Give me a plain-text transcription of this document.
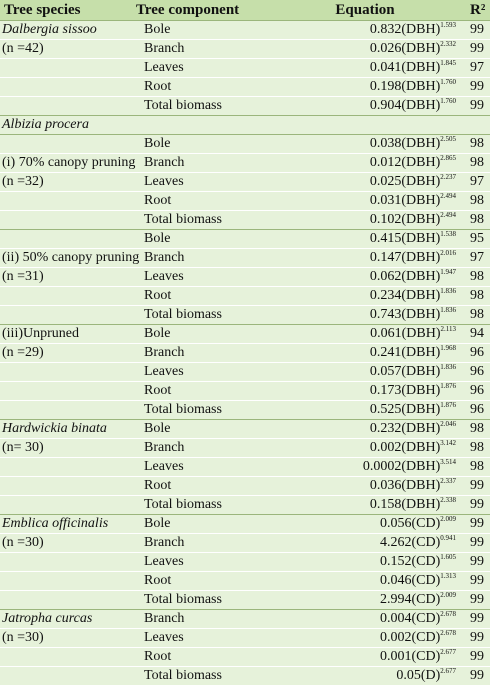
Tree species	Tree component	Equation	R²
Dalbergia sissoo	Bole	0.832(DBH)$^{1.593}$	99
(n =42)	Branch	0.026(DBH)$^{2.332}$	99
	Leaves	0.041(DBH)$^{1.845}$	97
	Root	0.198(DBH)$^{1.760}$	99
	Total biomass	0.904(DBH)$^{1.760}$	99
Albizia procera			
	Bole	0.038(DBH)$^{2.505}$	98
(i) 70% canopy pruning	Branch	0.012(DBH)$^{2.865}$	98
(n =32)	Leaves	0.025(DBH)$^{2.237}$	97
	Root	0.031(DBH)$^{2.494}$	98
	Total biomass	0.102(DBH)$^{2.494}$	98
	Bole	0.415(DBH)$^{1.538}$	95
(ii) 50% canopy pruning	Branch	0.147(DBH)$^{2.016}$	97
(n =31)	Leaves	0.062(DBH)$^{1.947}$	98
	Root	0.234(DBH)$^{1.836}$	98
	Total biomass	0.743(DBH)$^{1.836}$	98
(iii)Unpruned	Bole	0.061(DBH)$^{2.113}$	94
(n =29)	Branch	0.241(DBH)$^{1.968}$	96
	Leaves	0.057(DBH)$^{1.836}$	96
	Root	0.173(DBH)$^{1.876}$	96
	Total biomass	0.525(DBH)$^{1.876}$	96
Hardwickia binata	Bole	0.232(DBH)$^{2.046}$	98
(n= 30)	Branch	0.002(DBH)$^{3.142}$	98
	Leaves	0.0002(DBH)$^{3.514}$	98
	Root	0.036(DBH)$^{2.337}$	99
	Total biomass	0.158(DBH)$^{2.338}$	99
Emblica officinalis	Bole	0.056(CD)$^{2.009}$	99
(n =30)	Branch	4.262(CD)$^{0.941}$	99
	Leaves	0.152(CD)$^{1.605}$	99
	Root	0.046(CD)$^{1.313}$	99
	Total biomass	2.994(CD)$^{2.009}$	99
Jatropha curcas	Branch	0.004(CD)$^{2.678}$	99
(n =30)	Leaves	0.002(CD)$^{2.678}$	99
	Root	0.001(CD)$^{2.677}$	99
	Total biomass	$0.05(D)^{2.677}$	99
